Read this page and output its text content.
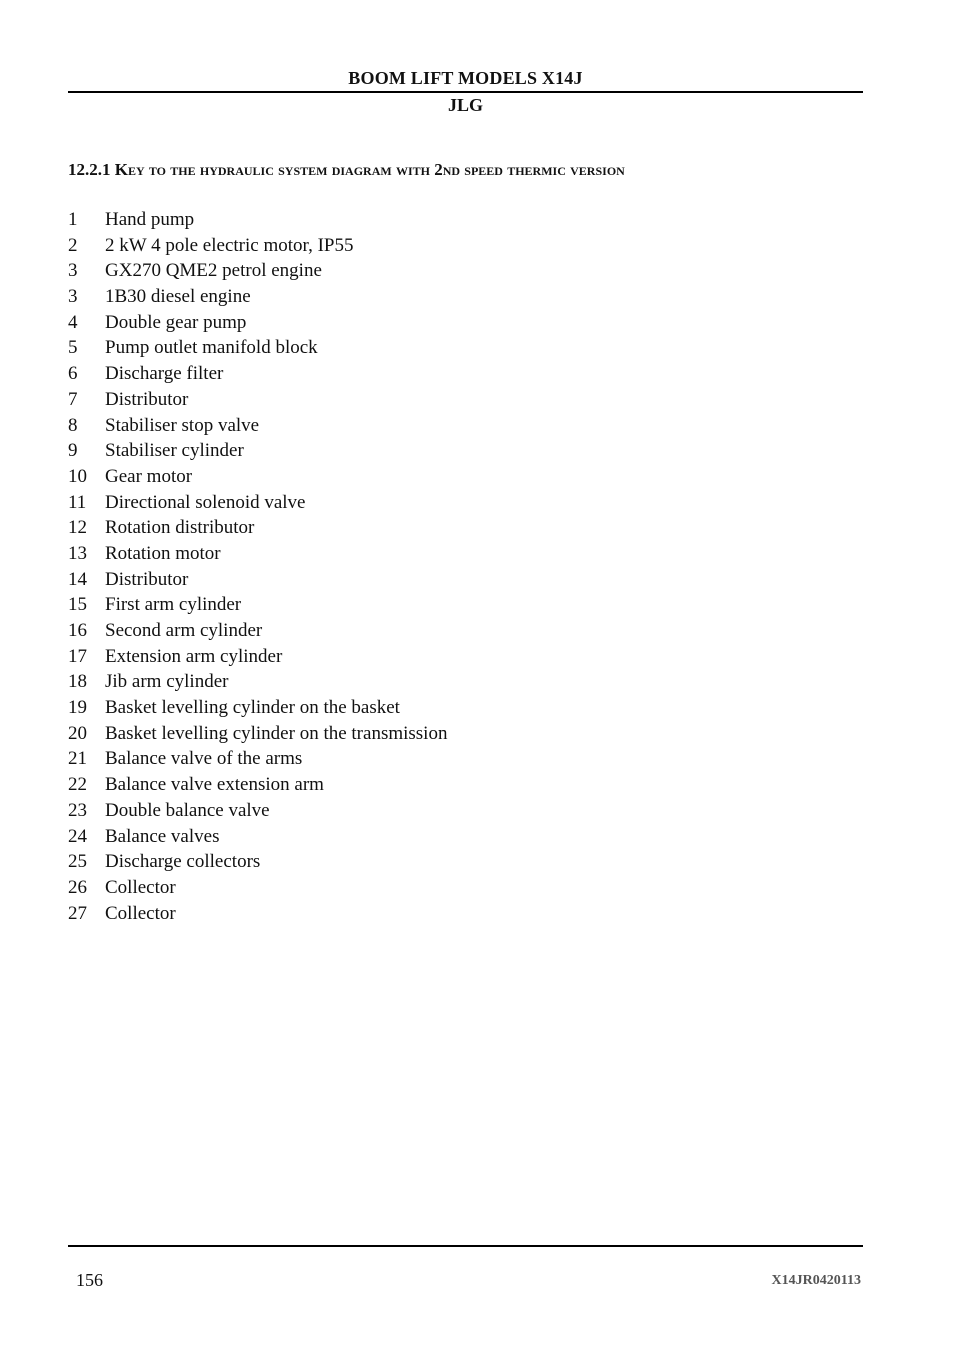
BOOM LIFT MODELS X14J
JLG
12.2.1 Key to the hydraulic system diagram with 2nd speed thermic version
1 Hand pump
2 2 kW 4 pole electric motor, IP55
3 GX270 QME2 petrol engine
3 1B30 diesel engine
4 Double gear pump
5 Pump outlet manifold block
6 Discharge filter
7 Distributor
8 Stabiliser stop valve
9 Stabiliser cylinder
10 Gear motor
11 Directional solenoid valve
12 Rotation distributor
13 Rotation motor
14 Distributor
15 First arm cylinder
16 Second arm cylinder
17 Extension arm cylinder
18 Jib arm cylinder
19 Basket levelling cylinder on the basket
20 Basket levelling cylinder on the transmission
21 Balance valve of the arms
22 Balance valve extension arm
23 Double balance valve
24 Balance valves
25 Discharge collectors
26 Collector
27 Collector
156	X14JR0420113
